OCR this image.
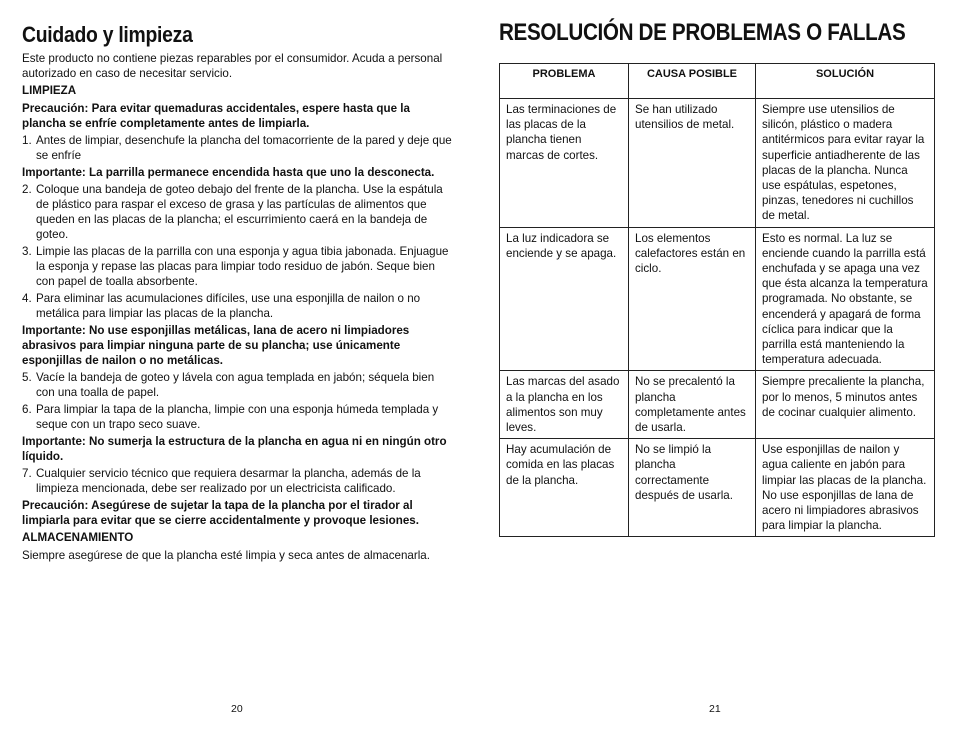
Cuidado y limpieza

Este producto no contiene piezas reparables por el consumidor. Acuda a personal autorizado en caso de necesitar servicio.

LIMPIEZA

Precaución: Para evitar quemaduras accidentales, espere hasta que la plancha se enfríe completamente antes de limpiarla.

1. Antes de limpiar, desenchufe la plancha del tomacorriente de la pared y deje que se enfríe

Importante: La parrilla permanece encendida hasta que uno la desconecta.

2. Coloque una bandeja de goteo debajo del frente de la plancha. Use la espátula de plástico para raspar el exceso de grasa y las partículas de alimentos que queden en las placas de la plancha; el escurrimiento caerá en la bandeja de goteo.
3. Limpie las placas de la parrilla con una esponja y agua tibia jabonada. Enjuague la esponja y repase las placas para limpiar todo residuo de jabón. Seque bien con papel de toalla absorbente.
4. Para eliminar las acumulaciones difíciles, use una esponjilla de nailon o no metálica para limpiar las placas de la plancha.

Importante: No use esponjillas metálicas, lana de acero ni limpiadores abrasivos para limpiar ninguna parte de su plancha; use únicamente esponjillas de nailon o no metálicas.

5. Vacíe la bandeja de goteo y lávela con agua templada en jabón; séquela bien con una toalla de papel.
6. Para limpiar la tapa de la plancha, limpie con una esponja húmeda templada y seque con un trapo seco suave.

Importante: No sumerja la estructura de la plancha en agua ni en ningún otro líquido.

7. Cualquier servicio técnico que requiera desarmar la plancha, además de la limpieza mencionada, debe ser realizado por un electricista calificado.

Precaución: Asegúrese de sujetar la tapa de la plancha por el tirador al limpiarla para evitar que se cierre accidentalmente y provoque lesiones.

ALMACENAMIENTO

Siempre asegúrese de que la plancha esté limpia y seca antes de almacenarla.

20
RESOLUCIÓN DE PROBLEMAS O FALLAS
PROBLEMA	CAUSA POSIBLE	SOLUCIÓN
Las terminaciones de las placas de la plancha tienen marcas de cortes.	Se han utilizado utensilios de metal.	Siempre use utensilios de silicón, plástico o madera antitérmicos para evitar rayar la superficie antiadherente de las placas de la plancha. Nunca use espátulas, espetones, pinzas, tenedores ni cuchillos de metal.
La luz indicadora se enciende y se apaga.	Los elementos calefactores están en ciclo.	Esto es normal. La luz se enciende cuando la parrilla está enchufada y se apaga una vez que ésta alcanza la temperatura programada. No obstante, se encenderá y apagará de forma cíclica para indicar que la parrilla está manteniendo la temperatura adecuada.
Las marcas del asado a la plancha en los alimentos son muy leves.	No se precalentó la plancha completamente antes de usarla.	Siempre precaliente la plancha, por lo menos, 5 minutos antes de cocinar cualquier alimento.
Hay acumulación de comida en las placas de la plancha.	No se limpió la plancha correctamente después de usarla.	Use esponjillas de nailon y agua caliente en jabón para limpiar las placas de la plancha. No use esponjillas de lana de acero ni limpiadores abrasivos para limpiar la plancha.
21
